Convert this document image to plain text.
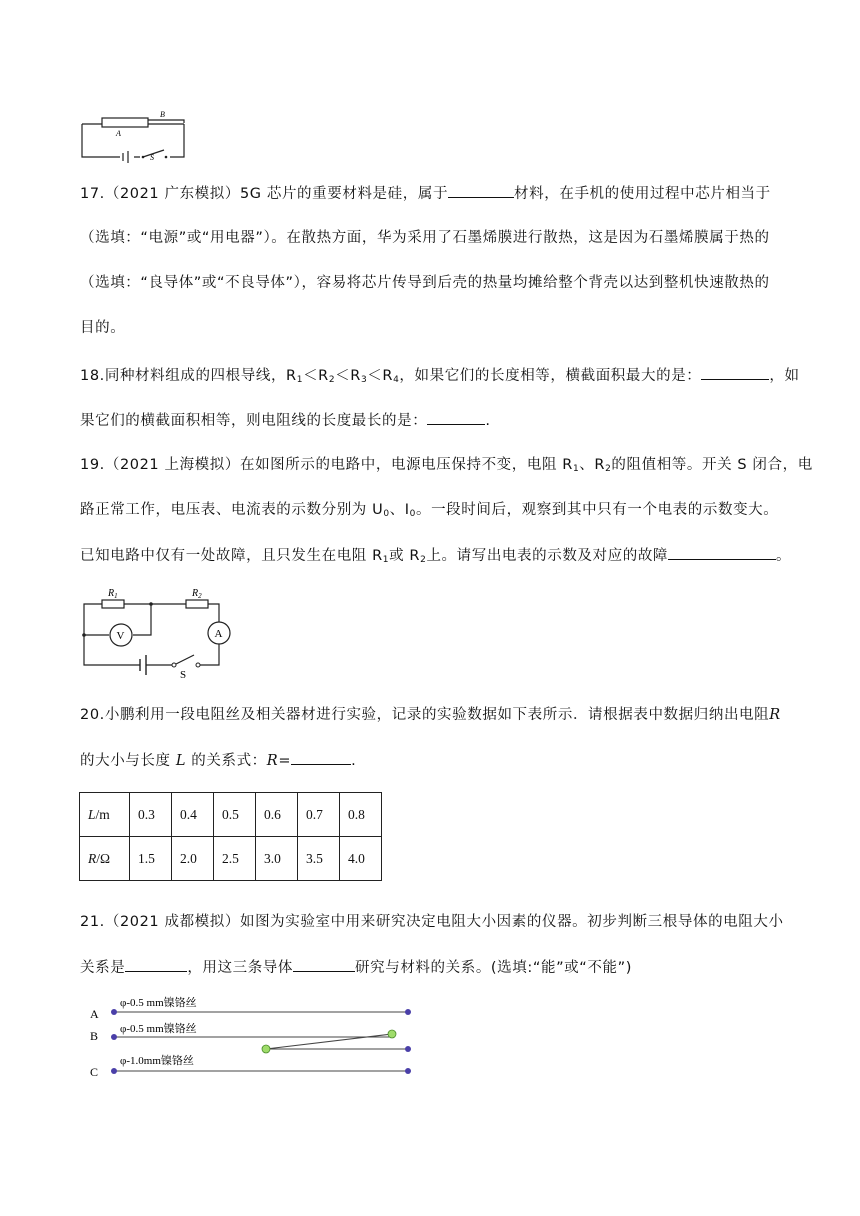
A
B
S
17.（2021 广东模拟）5G 芯片的重要材料是硅，属于	材料，在手机的使用过程中芯片相当于
（选填：“电源”或“用电器”）。在散热方面，华为采用了石墨烯膜进行散热，这是因为石墨烯膜属于热的
（选填：“良导体”或“不良导体”），容易将芯片传导到后壳的热量均摊给整个背壳以达到整机快速散热的
目的。
18.同种材料组成的四根导线，$R_1<R_2<R_3<R_4$，如果它们的长度相等，横截面积最大的是：	，如
果它们的横截面积相等，则电阻线的长度最长的是：	.
19.（2021 上海模拟）在如图所示的电路中，电源电压保持不变，电阻 $R_1$、$R_2$的阻值相等。开关 S 闭合，电
路正常工作，电压表、电流表的示数分别为 $U_0$、$I_0$。一段时间后，观察到其中只有一个电表的示数变大。
已知电路中仅有一处故障，且只发生在电阻 $R_1$或 $R_2$上。请写出电表的示数及对应的故障	。
$R_1$	$R_2$
V	A
S
20.小鹏利用一段电阻丝及相关器材进行实验，记录的实验数据如下表所示．请根据表中数据归纳出电阻R
的大小与长度 L 的关系式：R=	.
L/m	0.3	0.4	0.5	0.6	0.7	0.8
R/Ω	1.5	2.0	2.5	3.0	3.5	4.0
21.（2021 成都模拟）如图为实验室中用来研究决定电阻大小因素的仪器。初步判断三根导体的电阻大小
关系是	，用这三条导体	研究与材料的关系。(选填:“能”或“不能”)
A
B
C
φ-0.5 mm镍铬丝
φ-0.5 mm镍铬丝
φ-1.0mm镍铬丝
